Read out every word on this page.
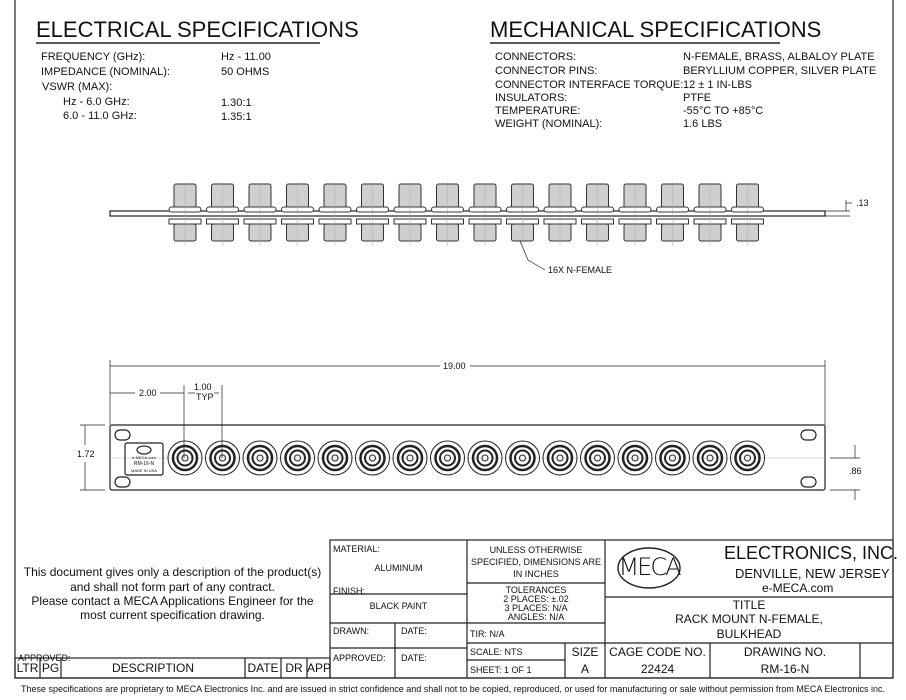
ELECTRICAL SPECIFICATIONS
FREQUENCY (GHz):	Hz - 11.00
IMPEDANCE (NOMINAL):	50 OHMS
VSWR (MAX):
Hz - 6.0 GHz:	1.30:1
6.0 - 11.0 GHz:	1.35:1
MECHANICAL SPECIFICATIONS
CONNECTORS:	N-FEMALE, BRASS, ALBALOY PLATE
CONNECTOR PINS:	BERYLLIUM COPPER, SILVER PLATE
CONNECTOR INTERFACE TORQUE: 12 ± 1 IN-LBS
INSULATORS:	PTFE
TEMPERATURE:	-55°C TO +85°C
WEIGHT (NOMINAL):	1.6 LBS
.13
16X N-FEMALE
19.00
2.00
1.00
TYP
1.72
.86
e-MECA.com
RM-16-N
MADE IN USA
This document gives only a description of the product(s)
and shall not form part of any contract.
Please contact a MECA Applications Engineer for the
most current specification drawing.
MATERIAL:
ALUMINUM
FINISH:
BLACK PAINT
DRAWN:	DATE:
APPROVED: DATE:
APPROVED:
UNLESS OTHERWISE
SPECIFIED, DIMENSIONS ARE
IN INCHES
TOLERANCES
2 PLACES: ±.02
3 PLACES: N/A
ANGLES: N/A
TIR: N/A
SCALE: NTS
SHEET: 1 OF 1
SIZE
A
MECA ELECTRONICS, INC.
DENVILLE, NEW JERSEY
e-MECA.com
TITLE
RACK MOUNT N-FEMALE,
BULKHEAD
CAGE CODE NO.
22424
DRAWING NO.
RM-16-N
LTR PG	DESCRIPTION	DATE DR APP
These specifications are proprietary to MECA Electronics Inc. and are issued in strict confidence and shall not to be copied, reproduced, or used for manufacturing or sale without permission from MECA Electronics inc.
